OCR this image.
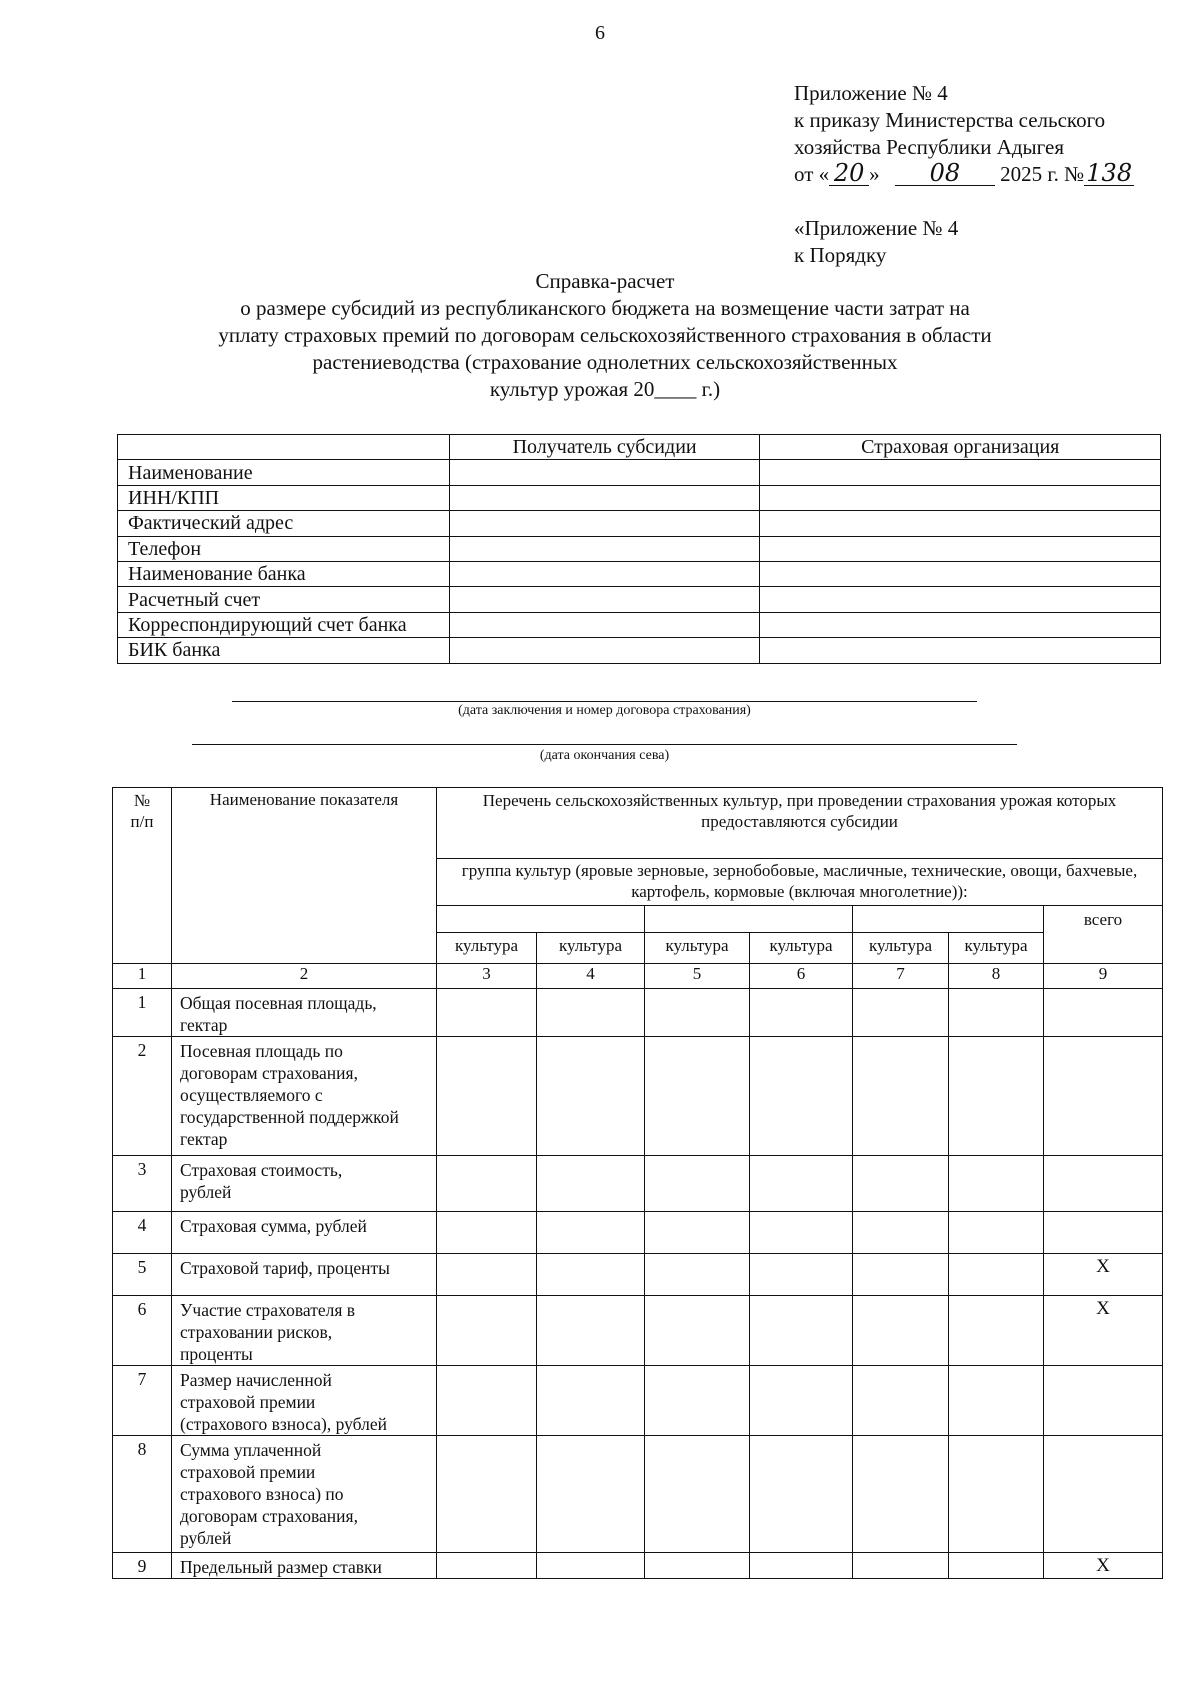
6
Приложение № 4
к приказу Министерства сельского
хозяйства Республики Адыгея
от « 20 » 08 2025 г. №138
«Приложение № 4
к Порядку
Справка-расчет
о размере субсидий из республиканского бюджета на возмещение части затрат на
уплату страховых премий по договорам сельскохозяйственного страхования в области
растениеводства (страхование однолетних сельскохозяйственных
культур урожая 20____ г.)
	Получатель субсидии	Страховая организация
Наименование		
ИНН/КПП		
Фактический адрес		
Телефон		
Наименование банка		
Расчетный счет		
Корреспондирующий счет банка		
БИК банка		
(дата заключения и номер договора страхования)
(дата окончания сева)
№
п/п	Наименование показателя	Перечень сельскохозяйственных культур, при проведении страхования урожая которых
предоставляются субсидии						
		группа культур (яровые зерновые, зернобобовые, масличные, технические, овощи, бахчевые, картофель, кормовые (включая многолетние)):						
								всего
		культура	культура	культура	культура	культура	культура	
1	2	3	4	5	6	7	8	9
1	Общая посевная площадь,
гектар							
2	Посевная площадь по
договорам страхования,
осуществляемого с
государственной поддержкой
гектар							
3	Страховая стоимость,
рублей							
4	Страховая сумма, рублей							
5	Страховой тариф, проценты							Х
6	Участие страхователя в
страховании рисков,
проценты							Х
7	Размер начисленной
страховой премии
(страхового взноса), рублей							
8	Сумма уплаченной
страховой премии
страхового взноса) по
договорам страхования,
рублей							
9	Предельный размер ставки							Х
